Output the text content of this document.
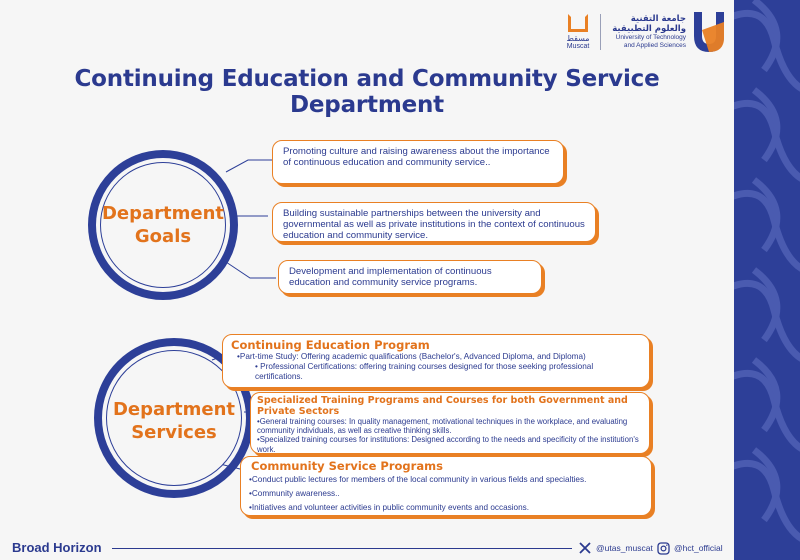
مسقط
Muscat
جامعة التقنية
والعلوم التطبيقية
University of Technology
and Applied Sciences
Continuing Education and Community Service Department
Department
Goals
Promoting culture and raising awareness about the importance of continuous education and community service..
Building sustainable partnerships between the university and governmental as well as private institutions in the context of continuous education and community service.
Development and implementation of continuous education and community service programs.
Department
Services
Continuing Education Program
•Part-time Study: Offering academic qualifications (Bachelor's, Advanced Diploma, and Diploma)
• Professional Certifications: offering training courses designed for those seeking professional certifications.
Specialized Training Programs and Courses for both Government and Private Sectors
•General training courses: In quality management, motivational techniques in the workplace, and evaluating community individuals, as well as creative thinking skills.
•Specialized training courses for institutions: Designed according to the needs and specificity of the institution's work.
Community Service Programs
•Conduct public lectures for members of the local community in various fields and specialties.
•Community awareness..
•Initiatives and volunteer activities in public community events and occasions.
Broad Horizon	@utas_muscat @hct_official
